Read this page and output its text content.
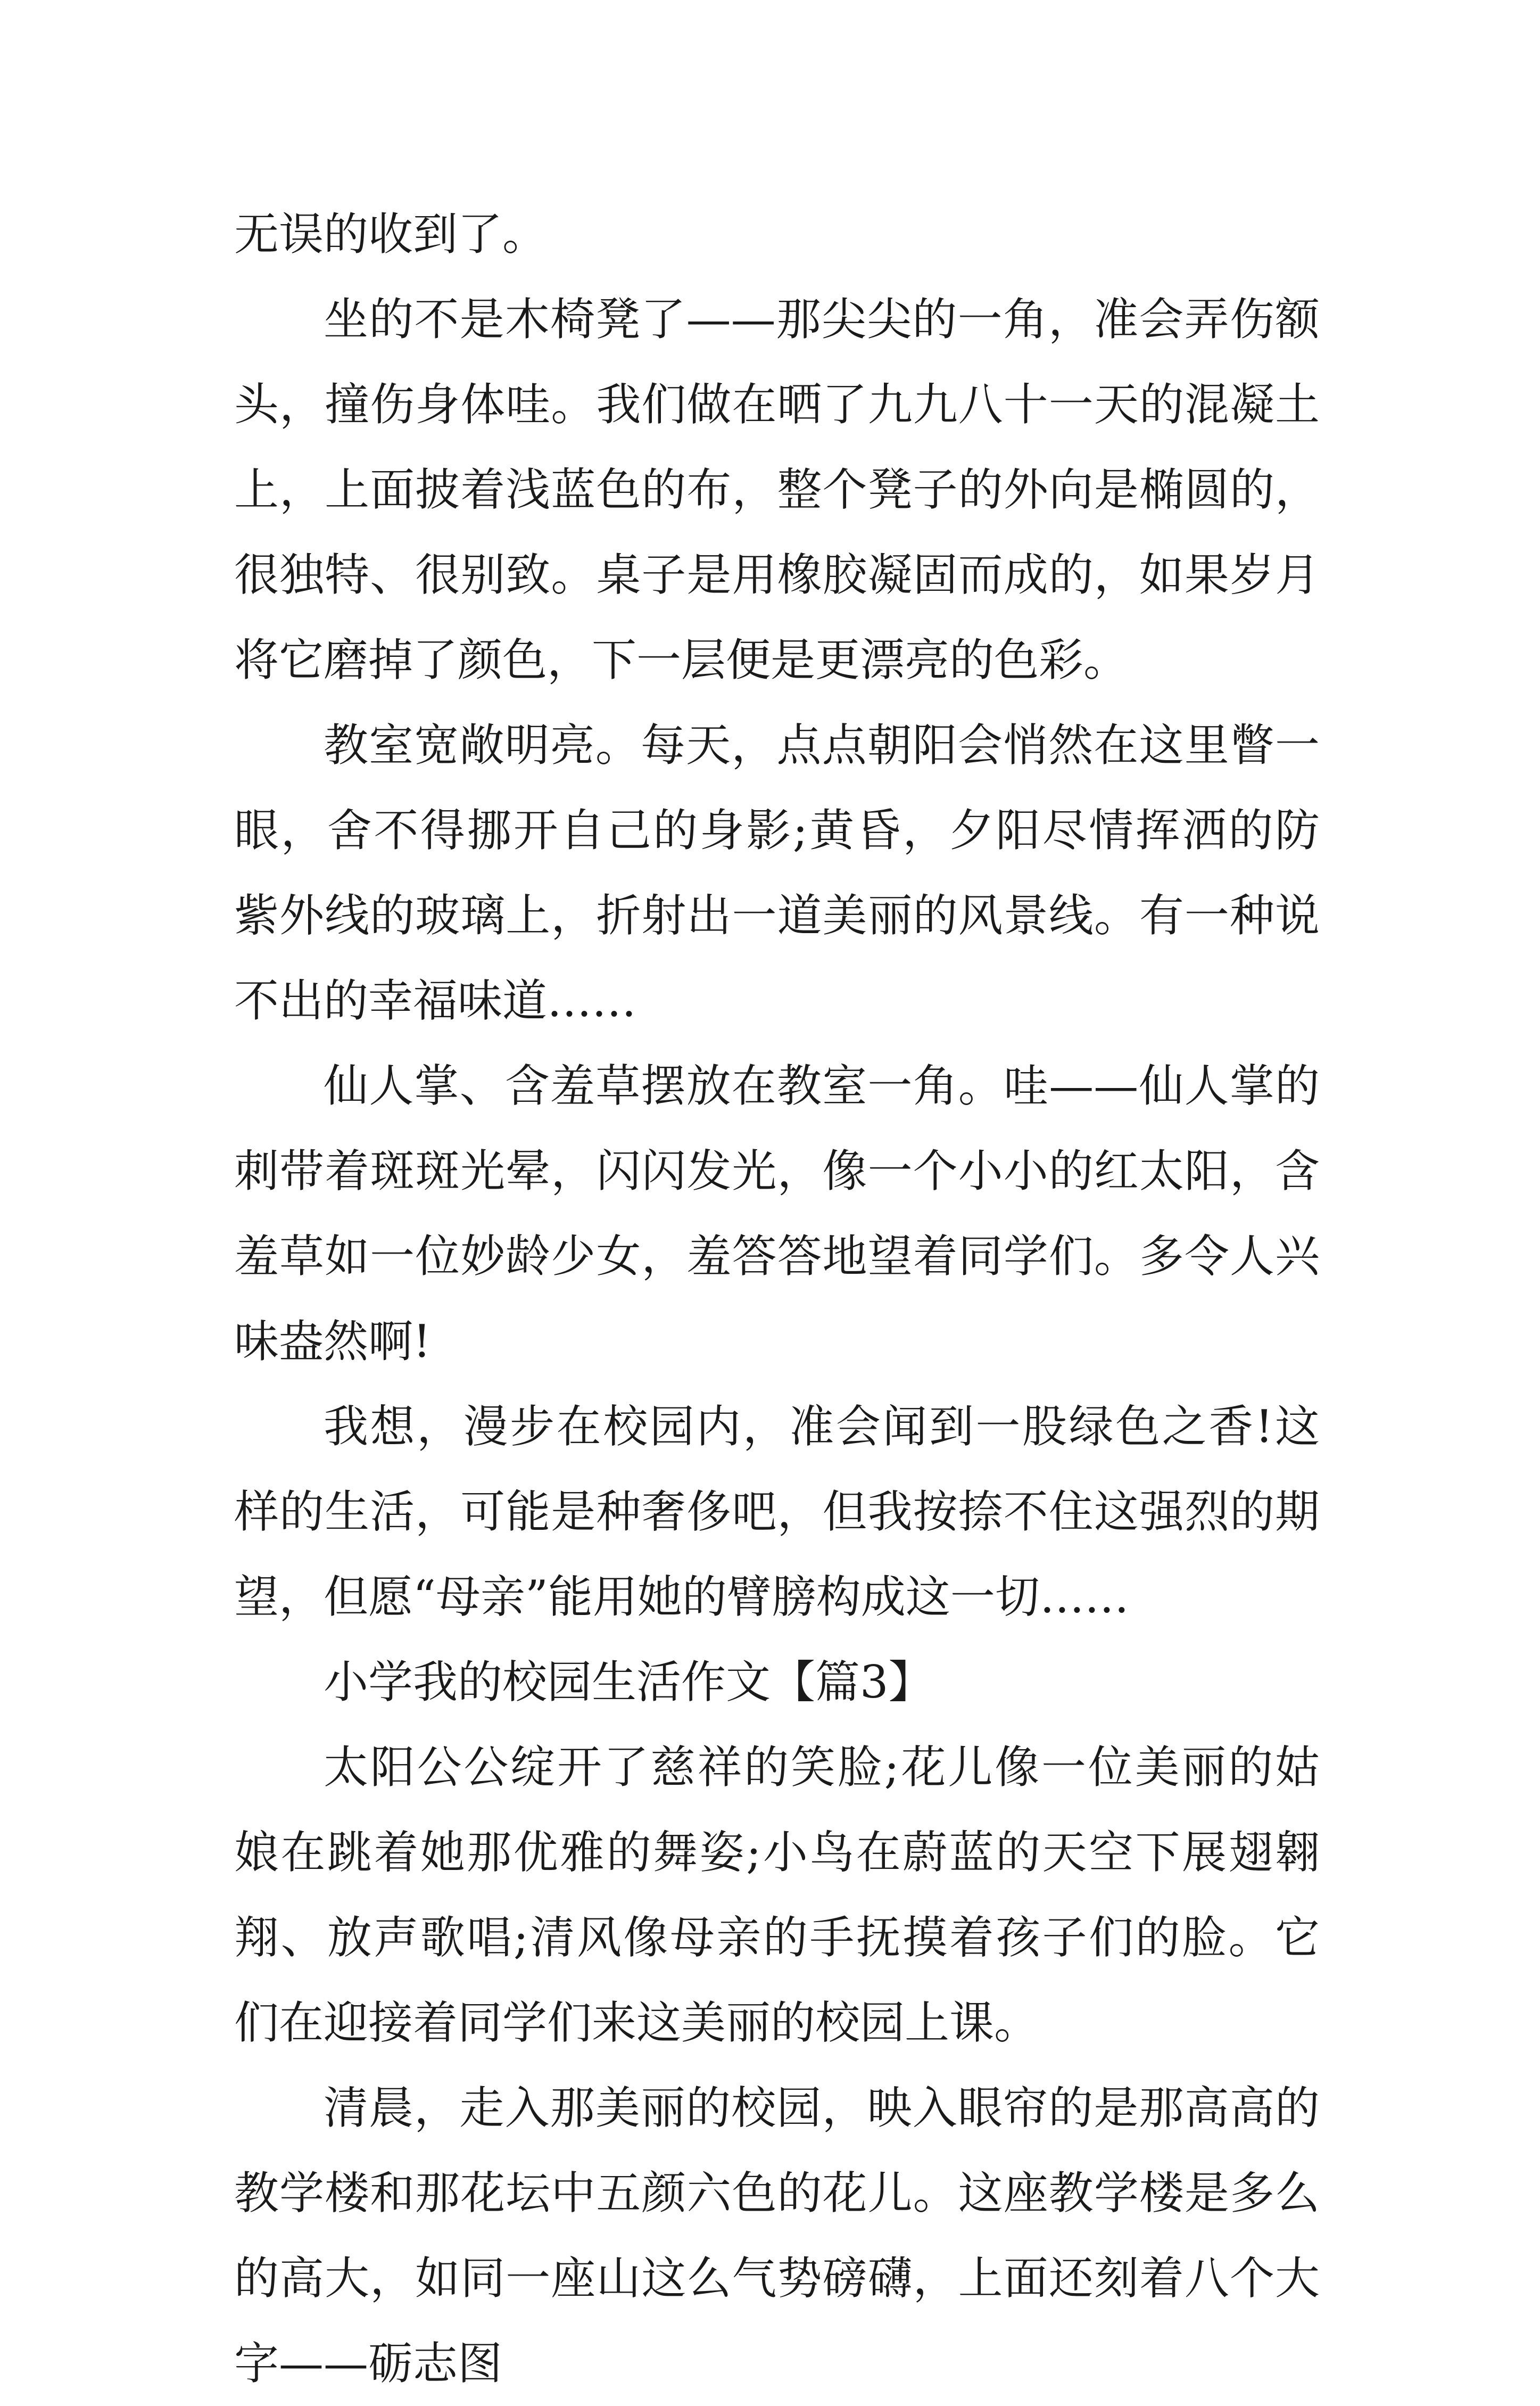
无误的收到了。

坐的不是木椅凳了——那尖尖的一角，准会弄伤额头，撞伤身体哇。我们做在晒了九九八十一天的混凝土上，上面披着浅蓝色的布，整个凳子的外向是椭圆的，很独特、很别致。桌子是用橡胶凝固而成的，如果岁月将它磨掉了颜色，下一层便是更漂亮的色彩。

教室宽敞明亮。每天，点点朝阳会悄然在这里瞥一眼，舍不得挪开自己的身影;黄昏，夕阳尽情挥洒的防紫外线的玻璃上，折射出一道美丽的风景线。有一种说不出的幸福味道……

仙人掌、含羞草摆放在教室一角。哇——仙人掌的刺带着斑斑光晕，闪闪发光，像一个小小的红太阳，含羞草如一位妙龄少女，羞答答地望着同学们。多令人兴味盎然啊!

我想，漫步在校园内，准会闻到一股绿色之香!这样的生活，可能是种奢侈吧，但我按捺不住这强烈的期望，但愿“母亲”能用她的臂膀构成这一切……

小学我的校园生活作文【篇3】

太阳公公绽开了慈祥的笑脸;花儿像一位美丽的姑娘在跳着她那优雅的舞姿;小鸟在蔚蓝的天空下展翅翱翔、放声歌唱;清风像母亲的手抚摸着孩子们的脸。它们在迎接着同学们来这美丽的校园上课。

清晨，走入那美丽的校园，映入眼帘的是那高高的教学楼和那花坛中五颜六色的花儿。这座教学楼是多么的高大，如同一座山这么气势磅礴，上面还刻着八个大字——砺志图
